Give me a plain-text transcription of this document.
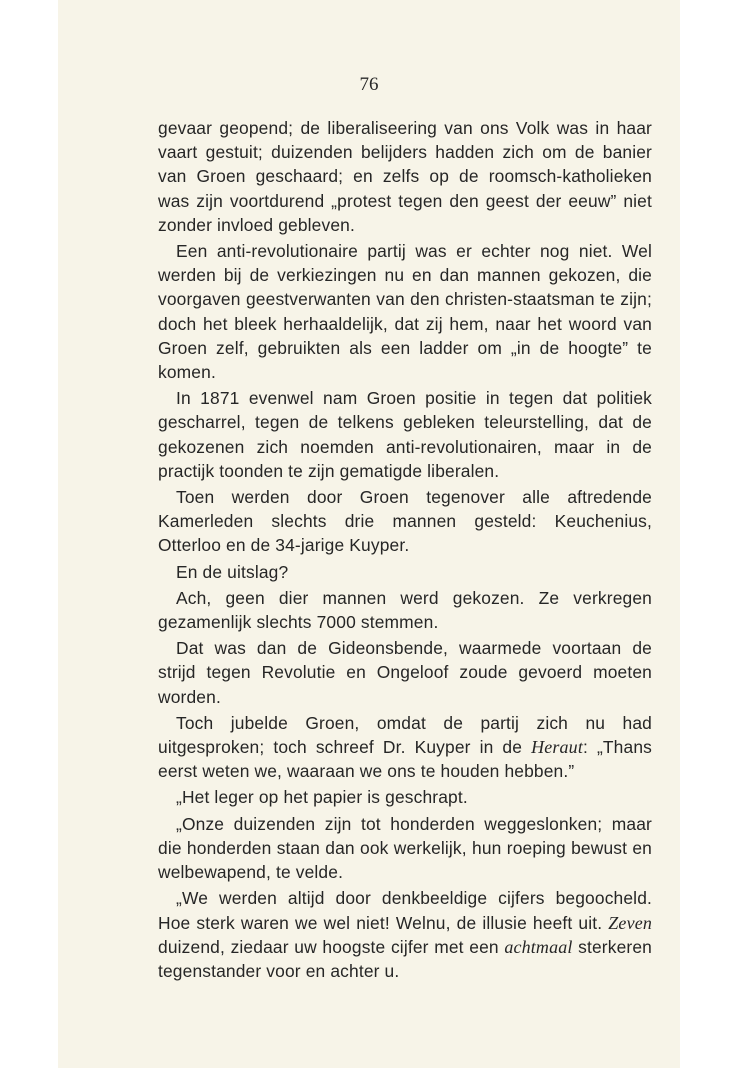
76

gevaar geopend; de liberaliseering van ons Volk was in haar vaart gestuit; duizenden belijders hadden zich om de banier van Groen geschaard; en zelfs op de roomsch-katholieken was zijn voortdurend „protest tegen den geest der eeuw” niet zonder invloed gebleven.

Een anti-revolutionaire partij was er echter nog niet. Wel werden bij de verkiezingen nu en dan mannen gekozen, die voorgaven geestverwanten van den christen-staatsman te zijn; doch het bleek herhaaldelijk, dat zij hem, naar het woord van Groen zelf, gebruikten als een ladder om „in de hoogte” te komen.

In 1871 evenwel nam Groen positie in tegen dat politiek gescharrel, tegen de telkens gebleken teleurstelling, dat de gekozenen zich noemden anti-revolutionairen, maar in de practijk toonden te zijn gematigde liberalen.

Toen werden door Groen tegenover alle aftredende Kamerleden slechts drie mannen gesteld: Keuchenius, Otterloo en de 34-jarige Kuyper.

En de uitslag?

Ach, geen dier mannen werd gekozen. Ze verkregen gezamenlijk slechts 7000 stemmen.

Dat was dan de Gideonsbende, waarmede voortaan de strijd tegen Revolutie en Ongeloof zoude gevoerd moeten worden.

Toch jubelde Groen, omdat de partij zich nu had uitgesproken; toch schreef Dr. Kuyper in de Heraut: „Thans eerst weten we, waaraan we ons te houden hebben.”

„Het leger op het papier is geschrapt.

„Onze duizenden zijn tot honderden weggeslonken; maar die honderden staan dan ook werkelijk, hun roeping bewust en welbewapend, te velde.

„We werden altijd door denkbeeldige cijfers begoocheld. Hoe sterk waren we wel niet! Welnu, de illusie heeft uit. Zeven duizend, ziedaar uw hoogste cijfer met een achtmaal sterkeren tegenstander voor en achter u.
